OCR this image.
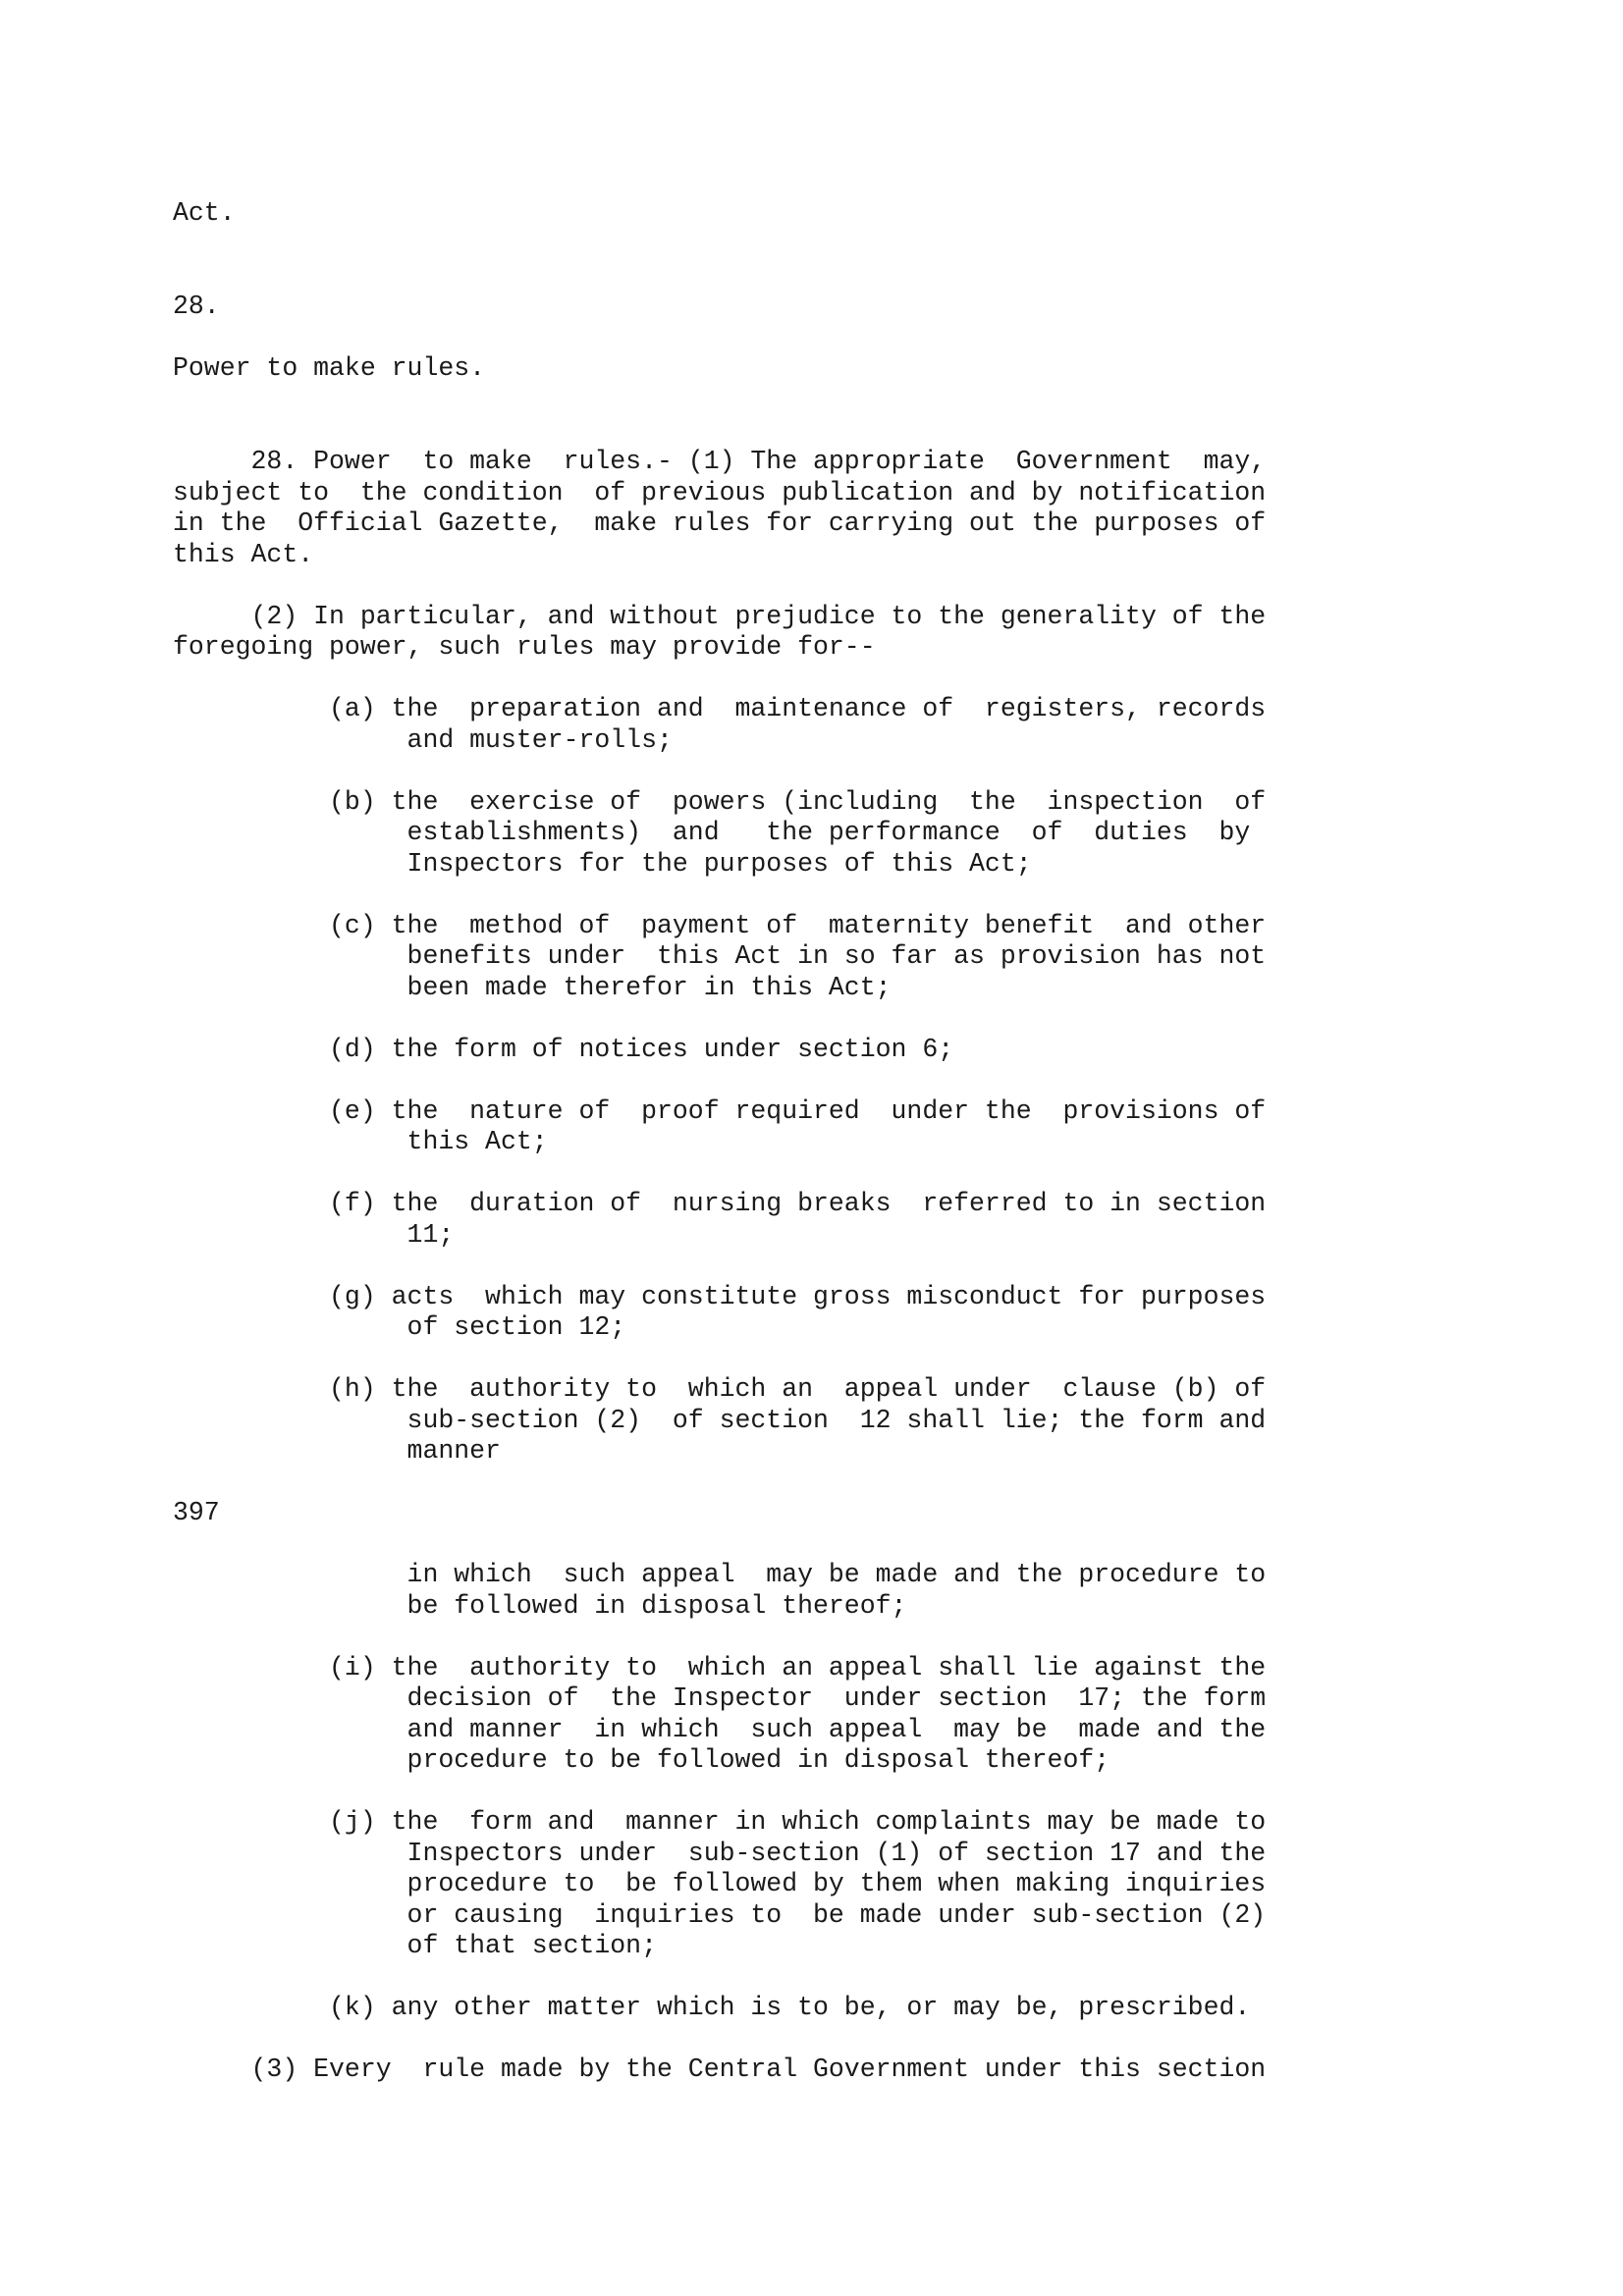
Act.

28.

Power to make rules.

28. Power  to make  rules.- (1) The appropriate  Government  may,

subject to  the condition  of previous publication and by notification

in the  Official Gazette,  make rules for carrying out the purposes of

this Act.

(2) In particular, and without prejudice to the generality of the

foregoing power, such rules may provide for--

(a) the  preparation and  maintenance of  registers, records

and muster-rolls;

(b) the  exercise of  powers (including  the  inspection  of

establishments)  and   the performance  of  duties  by

Inspectors for the purposes of this Act;

(c) the  method of  payment of  maternity benefit  and other

benefits under  this Act in so far as provision has not

been made therefor in this Act;

(d) the form of notices under section 6;

(e) the  nature of  proof required  under the  provisions of

this Act;

(f) the  duration of  nursing breaks  referred to in section

11;

(g) acts  which may constitute gross misconduct for purposes

of section 12;

(h) the  authority to  which an  appeal under  clause (b) of

sub-section (2)  of section  12 shall lie; the form and

manner

397

in which  such appeal  may be made and the procedure to

be followed in disposal thereof;

(i) the  authority to  which an appeal shall lie against the

decision of  the Inspector  under section  17; the form

and manner  in which  such appeal  may be  made and the

procedure to be followed in disposal thereof;

(j) the  form and  manner in which complaints may be made to

Inspectors under  sub-section (1) of section 17 and the

procedure to  be followed by them when making inquiries

or causing  inquiries to  be made under sub-section (2)

of that section;

(k) any other matter which is to be, or may be, prescribed.

(3) Every  rule made by the Central Government under this section
